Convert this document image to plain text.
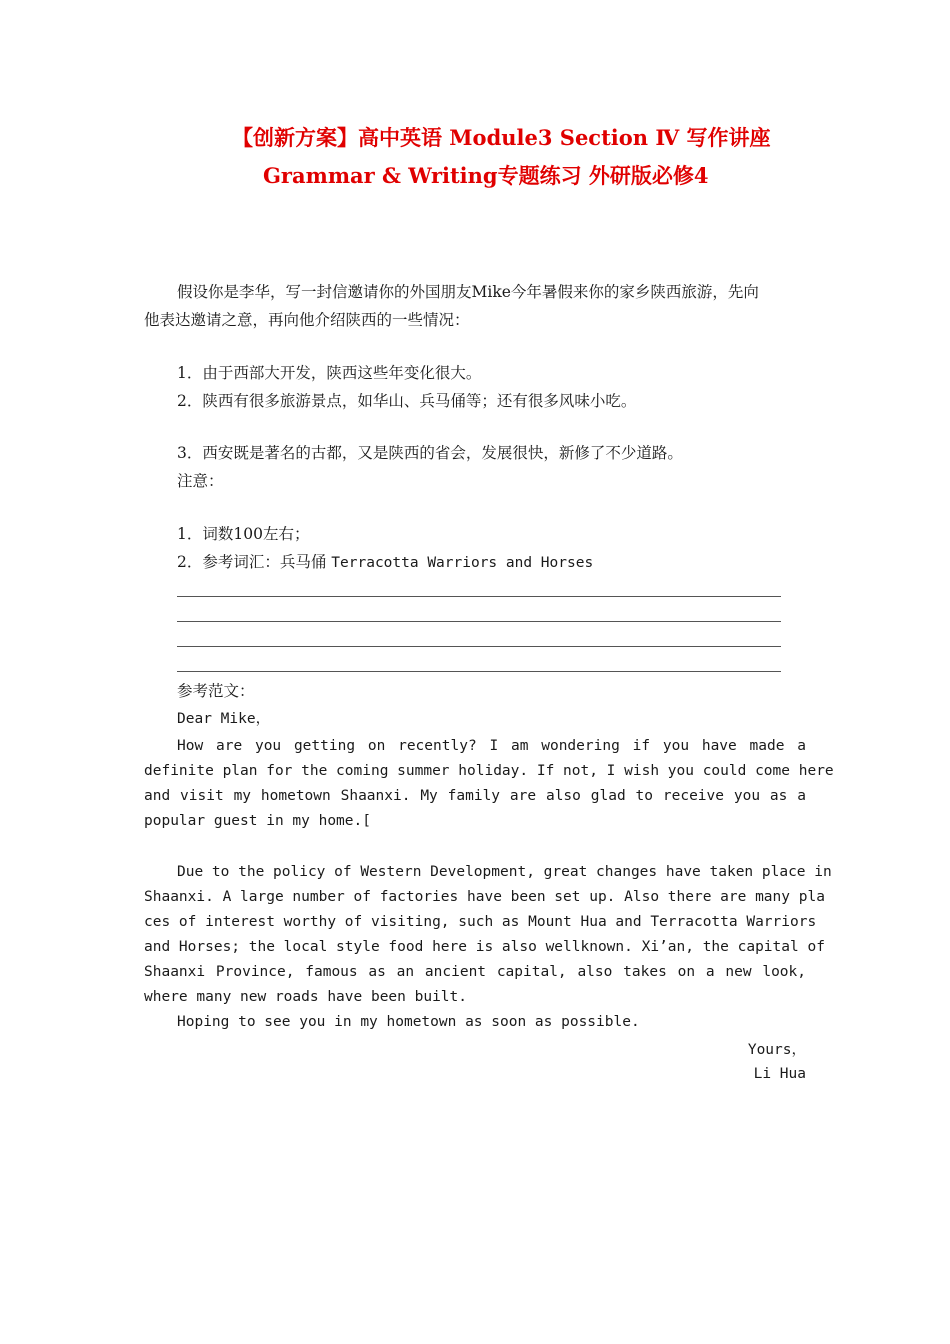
【创新方案】高中英语 Module3 Section Ⅳ 写作讲座
Grammar & Writing专题练习 外研版必修4
假设你是李华，写一封信邀请你的外国朋友Mike今年暑假来你的家乡陕西旅游，先向
他表达邀请之意，再向他介绍陕西的一些情况：
1．由于西部大开发，陕西这些年变化很大。
2．陕西有很多旅游景点，如华山、兵马俑等；还有很多风味小吃。
3．西安既是著名的古都，又是陕西的省会，发展很快，新修了不少道路。
注意：
1．词数100左右；
2．参考词汇：兵马俑 Terracotta Warriors and Horses
参考范文：
Dear Mike，
How are you getting on recently? I am wondering if you have made a
definite plan for the coming summer holiday. If not, I wish you could come here
and visit my hometown Shaanxi. My family are also glad to receive you as a
popular guest in my home.[
Due to the policy of Western Development, great changes have taken place in
Shaanxi. A large number of factories have been set up. Also there are many pla
ces of interest worthy of visiting, such as Mount Hua and Terracotta Warriors
and Horses; the local style food here is also wellknown. Xi’an, the capital of
Shaanxi Province, famous as an ancient capital, also takes on a new look,
where many new roads have been built.
Hoping to see you in my hometown as soon as possible.
Yours，
Li Hua
